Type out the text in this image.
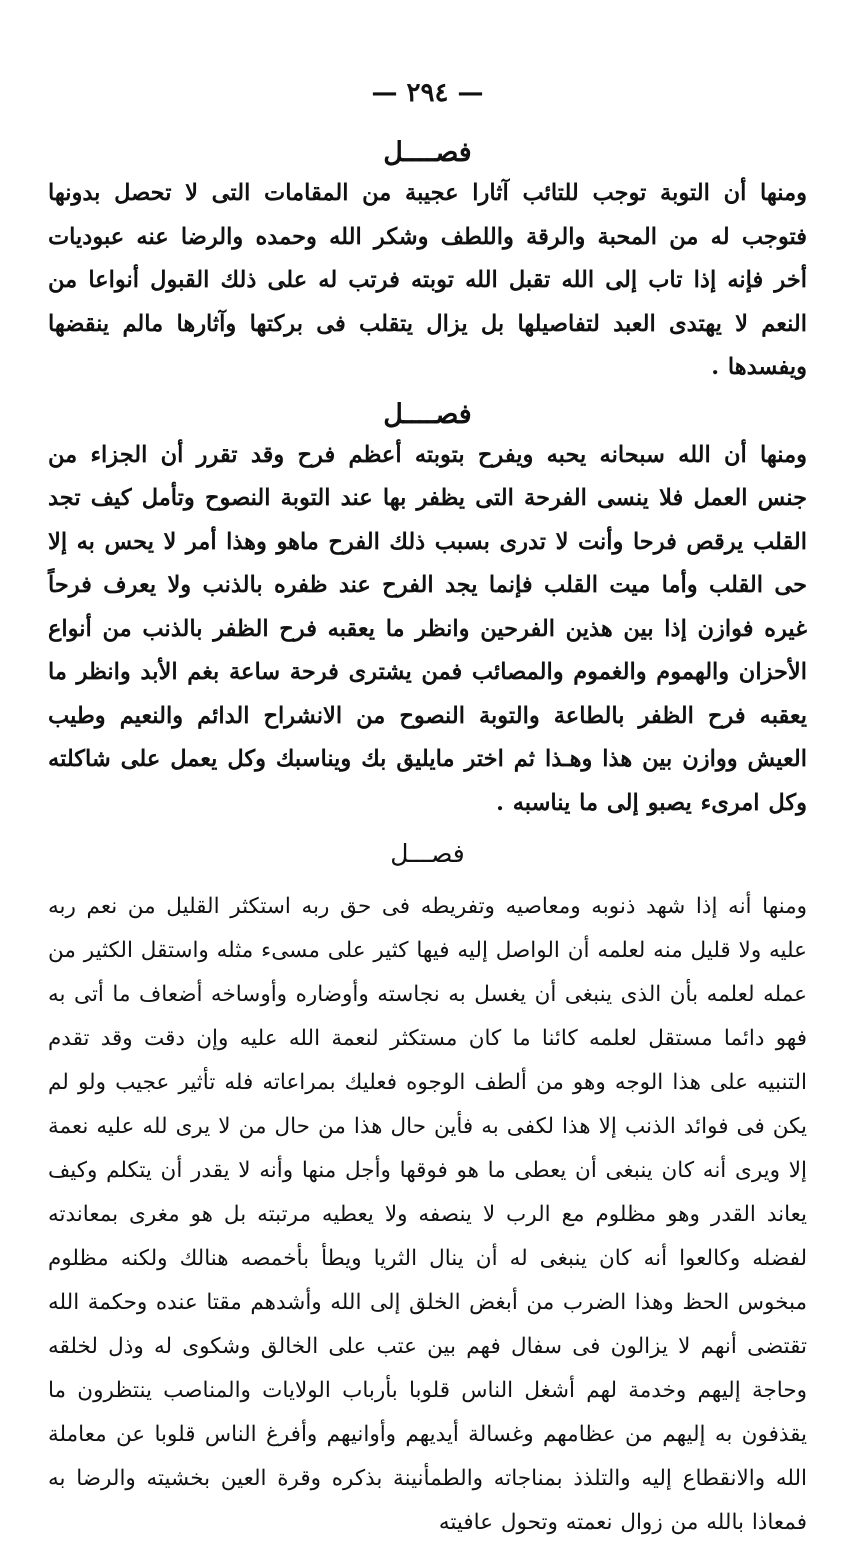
— ٢٩٤ —
فصــــل

ومنها أن التوبة توجب للتائب آثارا عجيبة من المقامات التى لا تحصل بدونها فتوجب له من المحبة والرقة واللطف وشكر الله وحمده والرضا عنه عبوديات أخر فإنه إذا تاب إلى الله تقبل الله توبته فرتب له على ذلك القبول أنواعا من النعم لا يهتدى العبد لتفاصيلها بل يزال يتقلب فى بركتها وآثارها مالم ينقضها ويفسدها .

فصــــل

ومنها أن الله سبحانه يحبه ويفرح بتوبته أعظم فرح وقد تقرر أن الجزاء من جنس العمل فلا ينسى الفرحة التى يظفر بها عند التوبة النصوح وتأمل كيف تجد القلب يرقص فرحا وأنت لا تدرى بسبب ذلك الفرح ماهو وهذا أمر لا يحس به إلا حى القلب وأما ميت القلب فإنما يجد الفرح عند ظفره بالذنب ولا يعرف فرحاً غيره فوازن إذا بين هذين الفرحين وانظر ما يعقبه فرح الظفر بالذنب من أنواع الأحزان والهموم والغموم والمصائب فمن يشترى فرحة ساعة بغم الأبد وانظر ما يعقبه فرح الظفر بالطاعة والتوبة النصوح من الانشراح الدائم والنعيم وطيب العيش ووازن بين هذا وهـذا ثم اختر مايليق بك ويناسبك وكل يعمل على شاكلته وكل امرىء يصبو إلى ما يناسبه .

فصـــل

ومنها أنه إذا شهد ذنوبه ومعاصيه وتفريطه فى حق ربه استكثر القليل من نعم ربه عليه ولا قليل منه لعلمه أن الواصل إليه فيها كثير على مسىء مثله واستقل الكثير من عمله لعلمه بأن الذى ينبغى أن يغسل به نجاسته وأوضاره وأوساخه أضعاف ما أتى به فهو دائما مستقل لعلمه كائنا ما كان مستكثر لنعمة الله عليه وإن دقت وقد تقدم التنبيه على هذا الوجه وهو من ألطف الوجوه فعليك بمراعاته فله تأثير عجيب ولو لم يكن فى فوائد الذنب إلا هذا لكفى به فأين حال هذا من حال من لا يرى لله عليه نعمة إلا ويرى أنه كان ينبغى أن يعطى ما هو فوقها وأجل منها وأنه لا يقدر أن يتكلم وكيف يعاند القدر وهو مظلوم مع الرب لا ينصفه ولا يعطيه مرتبته بل هو مغرى بمعاندته لفضله وكالعوا أنه كان ينبغى له أن ينال الثريا ويطأ بأخمصه هنالك ولكنه مظلوم مبخوس الحظ وهذا الضرب من أبغض الخلق إلى الله وأشدهم مقتا عنده وحكمة الله تقتضى أنهم لا يزالون فى سفال فهم بين عتب على الخالق وشكوى له وذل لخلقه وحاجة إليهم وخدمة لهم أشغل الناس قلوبا بأرباب الولايات والمناصب ينتظرون ما يقذفون به إليهم من عظامهم وغسالة أيديهم وأوانيهم وأفرغ الناس قلوبا عن معاملة الله والانقطاع إليه والتلذذ بمناجاته والطمأنينة بذكره وقرة العين بخشيته والرضا به فمعاذا بالله من زوال نعمته وتحول عافيته
